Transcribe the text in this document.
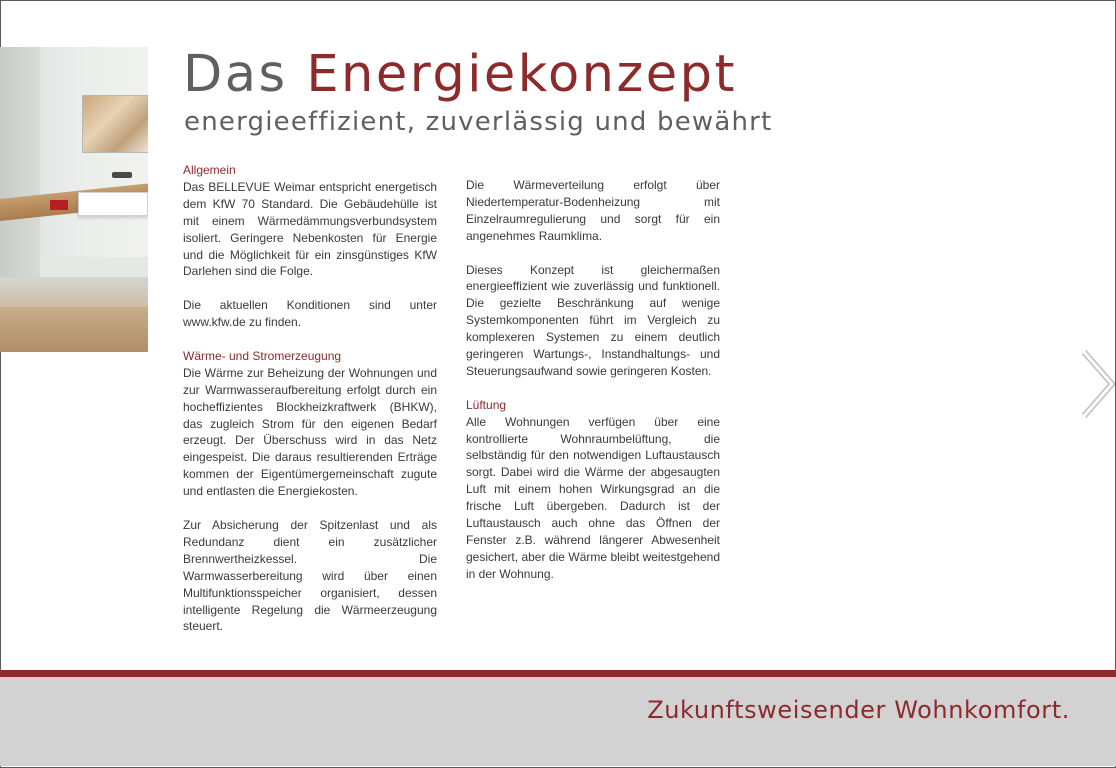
Das Energiekonzept
energieeffizient, zuverlässig und bewährt
Allgemein

Das BELLEVUE Weimar entspricht energetisch dem KfW 70 Standard. Die Gebäudehülle ist mit einem Wärmedämmungsverbundsystem isoliert. Geringere Nebenkosten für Energie und die Möglichkeit für ein zinsgünstiges KfW Darlehen sind die Folge.

Die aktuellen Konditionen sind unter www.kfw.de zu finden.

Wärme- und Stromerzeugung

Die Wärme zur Beheizung der Wohnungen und zur Warmwasseraufbereitung erfolgt durch ein hocheffizientes Blockheizkraftwerk (BHKW), das zugleich Strom für den eigenen Bedarf erzeugt. Der Überschuss wird in das Netz eingespeist. Die daraus resultierenden Erträge kommen der Eigentümergemeinschaft zugute und entlasten die Energiekosten.

Zur Absicherung der Spitzenlast und als Redundanz dient ein zusätzlicher Brennwertheizkessel. Die Warmwasserbereitung wird über einen Multifunktionsspeicher organisiert, dessen intelligente Regelung die Wärmeerzeugung steuert.

Die Wärmeverteilung erfolgt über Niedertemperatur-Bodenheizung mit Einzelraumregulierung und sorgt für ein angenehmes Raumklima.

Dieses Konzept ist gleichermaßen energieeffizient wie zuverlässig und funktionell. Die gezielte Beschränkung auf wenige Systemkomponenten führt im Vergleich zu komplexeren Systemen zu einem deutlich geringeren Wartungs-, Instandhaltungs- und Steuerungsaufwand sowie geringeren Kosten.

Lüftung

Alle Wohnungen verfügen über eine kontrollierte Wohnraumbelüftung, die selbständig für den notwendigen Luftaustausch sorgt. Dabei wird die Wärme der abgesaugten Luft mit einem hohen Wirkungsgrad an die frische Luft übergeben. Dadurch ist der Luftaustausch auch ohne das Öffnen der Fenster z.B. während längerer Abwesenheit gesichert, aber die Wärme bleibt weitestgehend in der Wohnung.

Zukunftsweisender Wohnkomfort.
